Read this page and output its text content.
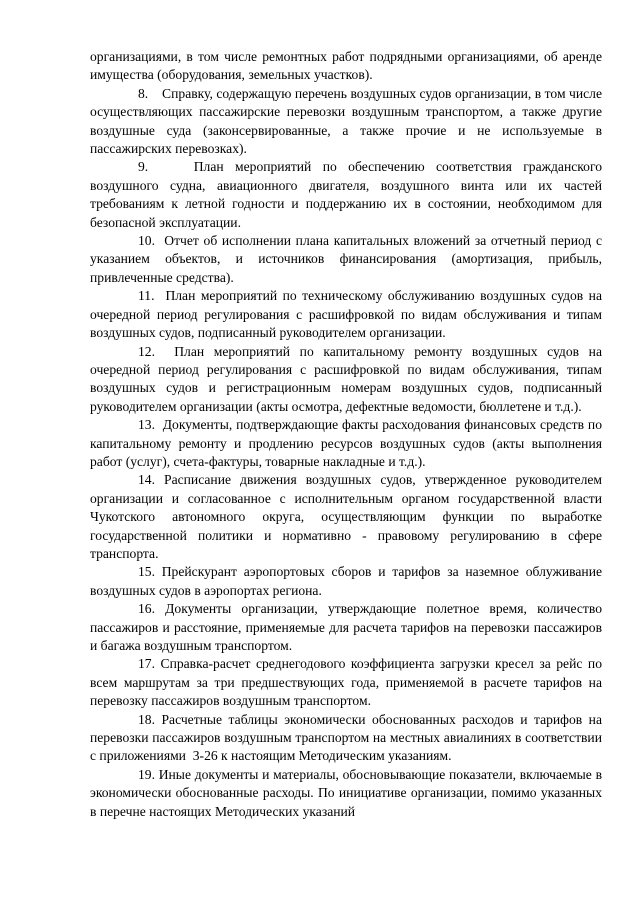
организациями, в том числе ремонтных работ подрядными организациями, об аренде имущества (оборудования, земельных участков).

8.    Справку, содержащую перечень воздушных судов организации, в том числе осуществляющих пассажирские перевозки воздушным транспортом, а также другие воздушные суда (законсервированные, а также прочие и не используемые в пассажирских перевозках).

9.    План мероприятий по обеспечению соответствия гражданского воздушного судна, авиационного двигателя, воздушного винта или их частей требованиям к летной годности и поддержанию их в состоянии, необходимом для безопасной эксплуатации.

10.  Отчет об исполнении плана капитальных вложений за отчетный период с указанием объектов, и источников финансирования (амортизация, прибыль, привлеченные средства).

11.  План мероприятий по техническому обслуживанию воздушных судов на очередной период регулирования с расшифровкой по видам обслуживания и типам воздушных судов, подписанный руководителем организации.

12.  План мероприятий по капитальному ремонту воздушных судов на очередной период регулирования с расшифровкой по видам обслуживания, типам воздушных судов и регистрационным номерам воздушных судов, подписанный руководителем организации (акты осмотра, дефектные ведомости, бюллетене и т.д.).

13.  Документы, подтверждающие факты расходования финансовых средств по капитальному ремонту и продлению ресурсов воздушных судов (акты выполнения работ (услуг), счета-фактуры, товарные накладные и т.д.).

14. Расписание движения воздушных судов, утвержденное руководителем организации и согласованное с исполнительным органом государственной власти Чукотского автономного округа, осуществляющим функции по выработке государственной политики и нормативно - правовому регулированию в сфере транспорта.

15. Прейскурант аэропортовых сборов и тарифов за наземное облуживание воздушных судов в аэропортах региона.

16. Документы организации, утверждающие полетное время, количество пассажиров и расстояние, применяемые для расчета тарифов на перевозки пассажиров и багажа воздушным транспортом.

17. Справка-расчет среднегодового коэффициента загрузки кресел за рейс по всем маршрутам за три предшествующих года, применяемой в расчете тарифов на перевозку пассажиров воздушным транспортом.

18. Расчетные таблицы экономически обоснованных расходов и тарифов на перевозки пассажиров воздушным транспортом на местных авиалиниях в соответствии с приложениями  3-26 к настоящим Методическим указаниям.

19. Иные документы и материалы, обосновывающие показатели, включаемые в экономически обоснованные расходы. По инициативе организации, помимо указанных в перечне настоящих Методических указаний
